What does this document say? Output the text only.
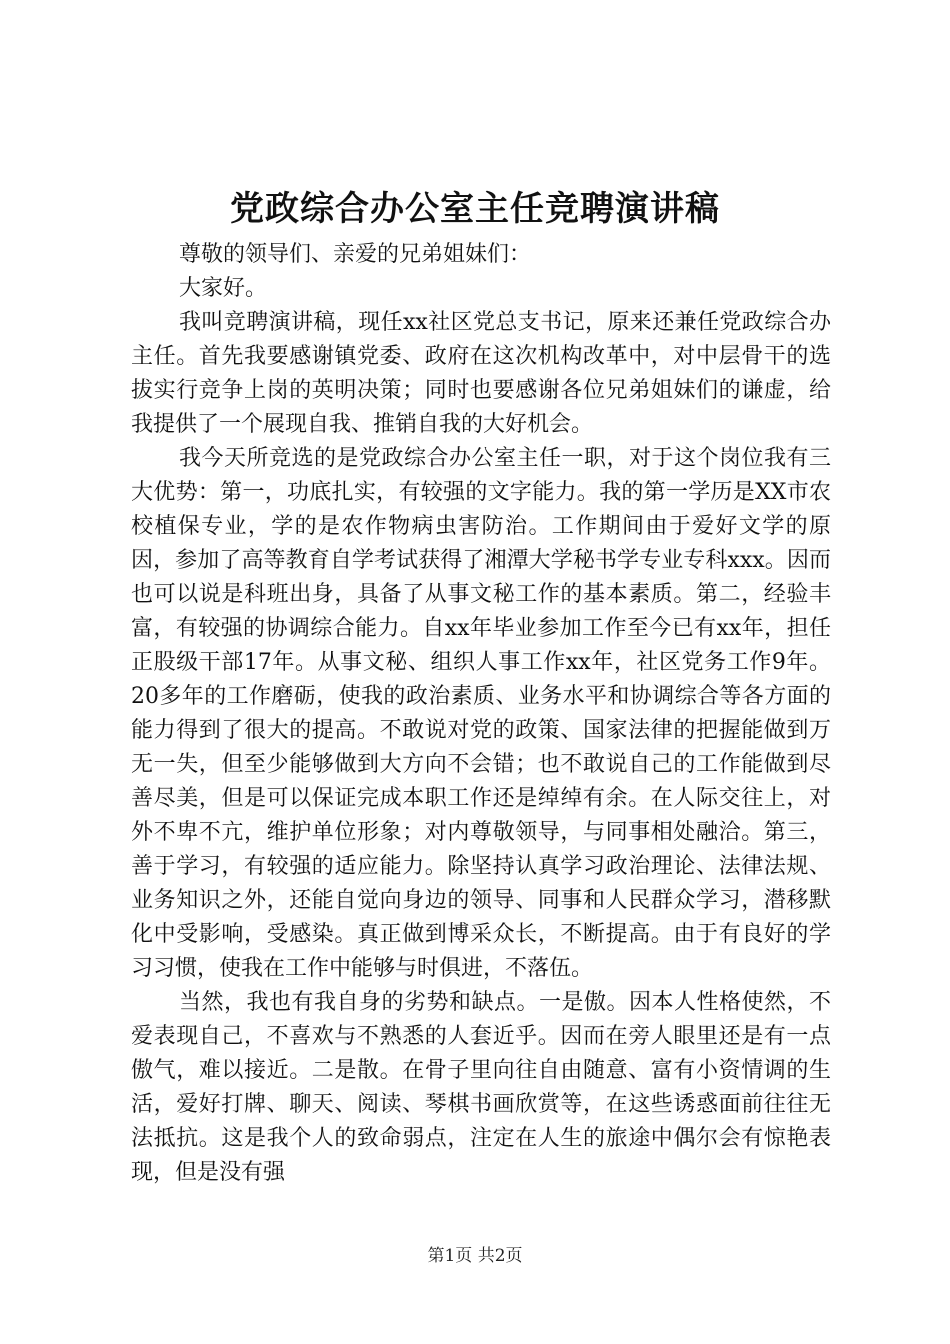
党政综合办公室主任竞聘演讲稿

尊敬的领导们、亲爱的兄弟姐妹们：

大家好。

我叫竞聘演讲稿，现任xx社区党总支书记，原来还兼任党政综合办主任。首先我要感谢镇党委、政府在这次机构改革中，对中层骨干的选拔实行竞争上岗的英明决策；同时也要感谢各位兄弟姐妹们的谦虚，给我提供了一个展现自我、推销自我的大好机会。

我今天所竞选的是党政综合办公室主任一职，对于这个岗位我有三大优势：第一，功底扎实，有较强的文字能力。我的第一学历是XX市农校植保专业，学的是农作物病虫害防治。工作期间由于爱好文学的原因，参加了高等教育自学考试获得了湘潭大学秘书学专业专科xxx。因而也可以说是科班出身，具备了从事文秘工作的基本素质。第二，经验丰富，有较强的协调综合能力。自xx年毕业参加工作至今已有xx年，担任正股级干部17年。从事文秘、组织人事工作xx年，社区党务工作9年。20多年的工作磨砺，使我的政治素质、业务水平和协调综合等各方面的能力得到了很大的提高。不敢说对党的政策、国家法律的把握能做到万无一失，但至少能够做到大方向不会错；也不敢说自己的工作能做到尽善尽美，但是可以保证完成本职工作还是绰绰有余。在人际交往上，对外不卑不亢，维护单位形象；对内尊敬领导，与同事相处融洽。第三，善于学习，有较强的适应能力。除坚持认真学习政治理论、法律法规、业务知识之外，还能自觉向身边的领导、同事和人民群众学习，潜移默化中受影响，受感染。真正做到博采众长，不断提高。由于有良好的学习习惯，使我在工作中能够与时俱进，不落伍。

当然，我也有我自身的劣势和缺点。一是傲。因本人性格使然，不爱表现自己，不喜欢与不熟悉的人套近乎。因而在旁人眼里还是有一点傲气，难以接近。二是散。在骨子里向往自由随意、富有小资情调的生活，爱好打牌、聊天、阅读、琴棋书画欣赏等，在这些诱惑面前往往无法抵抗。这是我个人的致命弱点，注定在人生的旅途中偶尔会有惊艳表现，但是没有强

第1页 共2页
